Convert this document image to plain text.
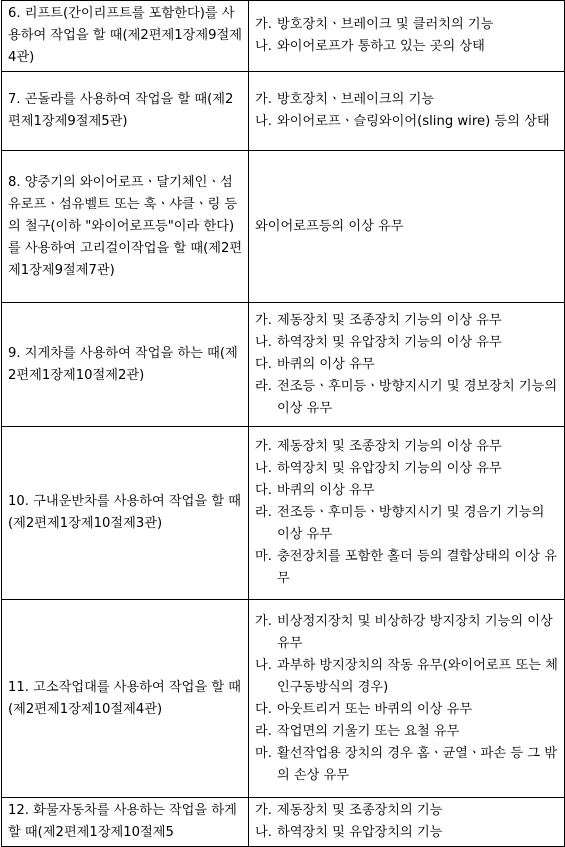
6. 리프트(간이리프트를 포함한다)를 사용하여 작업을 할 때(제2편제1장제9절제4관)	가. 방호장치ㆍ브레이크 및 클러치의 기능
나. 와이어로프가 통하고 있는 곳의 상태

7. 곤돌라를 사용하여 작업을 할 때(제2편제1장제9절제5관)	가. 방호장치ㆍ브레이크의 기능
나. 와이어로프ㆍ슬링와이어(sling wire) 등의 상태

8. 양중기의 와이어로프ㆍ달기체인ㆍ섬유로프ㆍ섬유벨트 또는 훅ㆍ샤클ㆍ링 등의 철구(이하 "와이어로프등"이라 한다)를 사용하여 고리걸이작업을 할 때(제2편제1장제9절제7관)	와이어로프등의 이상 유무
9. 지게차를 사용하여 작업을 하는 때(제2편제1장제10절제2관)	가. 제동장치 및 조종장치 기능의 이상 유무
나. 하역장치 및 유압장치 기능의 이상 유무
다. 바퀴의 이상 유무
라. 전조등ㆍ후미등ㆍ방향지시기 및 경보장치 기능의 이상 유무

10. 구내운반차를 사용하여 작업을 할 때(제2편제1장제10절제3관)	가. 제동장치 및 조종장치 기능의 이상 유무
나. 하역장치 및 유압장치 기능의 이상 유무
다. 바퀴의 이상 유무
라. 전조등ㆍ후미등ㆍ방향지시기 및 경음기 기능의 이상 유무
마. 충전장치를 포함한 홀더 등의 결합상태의 이상 유무

11. 고소작업대를 사용하여 작업을 할 때(제2편제1장제10절제4관)	가. 비상정지장치 및 비상하강 방지장치 기능의 이상 유무
나. 과부하 방지장치의 작동 유무(와이어로프 또는 체인구동방식의 경우)
다. 아웃트리거 또는 바퀴의 이상 유무
라. 작업면의 기울기 또는 요철 유무
마. 활선작업용 장치의 경우 홈ㆍ균열ㆍ파손 등 그 밖의 손상 유무

12. 화물자동차를 사용하는 작업을 하게 할 때(제2편제1장제10절제5	가. 제동장치 및 조종장치의 기능
나. 하역장치 및 유압장치의 기능
